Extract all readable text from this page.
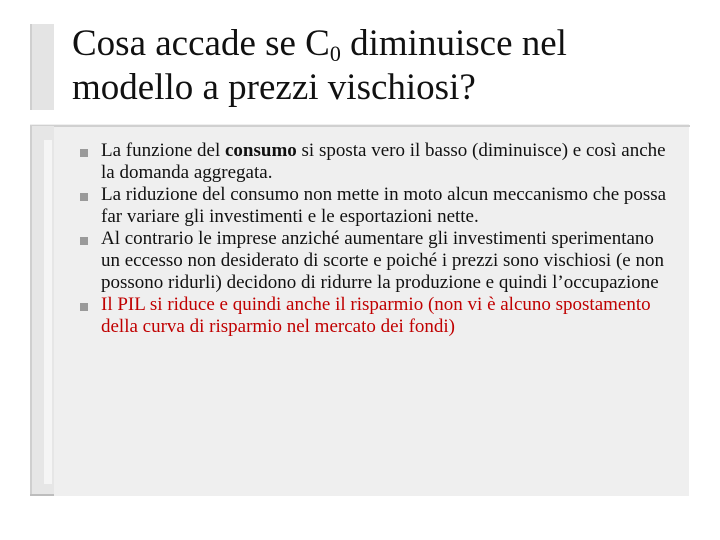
Cosa accade se $C_0$ diminuisce nel modello a prezzi vischiosi?
La funzione del consumo si sposta vero il basso (diminuisce) e così anche la domanda aggregata.
La riduzione del consumo non mette in moto alcun meccanismo che possa far variare gli investimenti e le esportazioni nette.
Al contrario le imprese anziché aumentare gli investimenti sperimentano un eccesso non desiderato di scorte e poiché i prezzi sono vischiosi (e non possono ridurli) decidono di ridurre la produzione e quindi l’occupazione
Il PIL si riduce e quindi anche il risparmio (non vi è alcuno spostamento della curva di risparmio nel mercato dei fondi)
